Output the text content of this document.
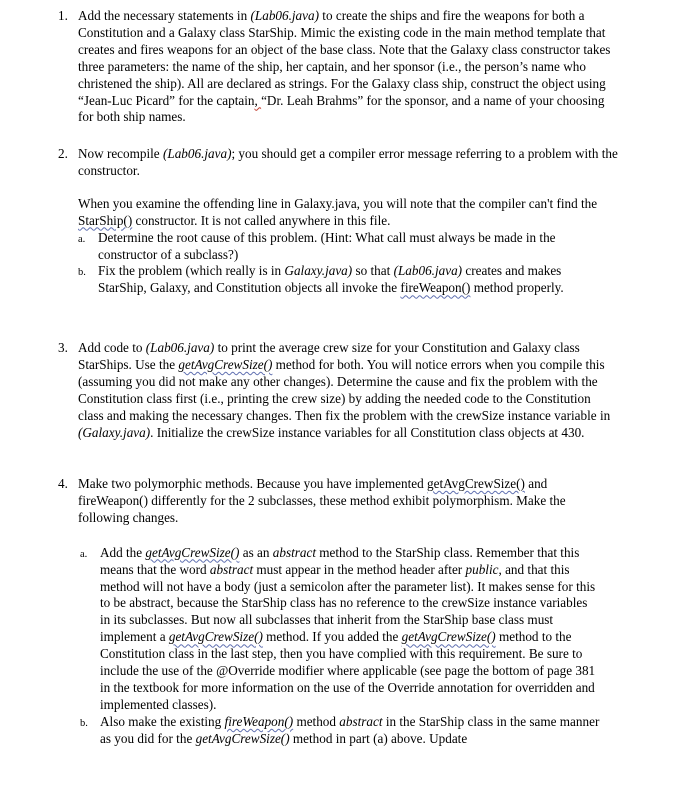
1. Add the necessary statements in (Lab06.java) to create the ships and fire the weapons for both a Constitution and a Galaxy class StarShip. Mimic the existing code in the main method template that creates and fires weapons for an object of the base class. Note that the Galaxy class constructor takes three parameters: the name of the ship, her captain, and her sponsor (i.e., the person’s name who christened the ship). All are declared as strings. For the Galaxy class ship, construct the object using “Jean-Luc Picard” for the captain, “Dr. Leah Brahms” for the sponsor, and a name of your choosing for both ship names.
2. Now recompile (Lab06.java); you should get a compiler error message referring to a problem with the constructor.
When you examine the offending line in Galaxy.java, you will note that the compiler can't find the StarShip() constructor. It is not called anywhere in this file.
a. Determine the root cause of this problem. (Hint: What call must always be made in the constructor of a subclass?)
b. Fix the problem (which really is in Galaxy.java) so that (Lab06.java) creates and makes StarShip, Galaxy, and Constitution objects all invoke the fireWeapon() method properly.
3. Add code to (Lab06.java) to print the average crew size for your Constitution and Galaxy class StarShips. Use the getAvgCrewSize() method for both. You will notice errors when you compile this (assuming you did not make any other changes). Determine the cause and fix the problem with the Constitution class first (i.e., printing the crew size) by adding the needed code to the Constitution class and making the necessary changes. Then fix the problem with the crewSize instance variable in (Galaxy.java). Initialize the crewSize instance variables for all Constitution class objects at 430.
4. Make two polymorphic methods. Because you have implemented getAvgCrewSize() and fireWeapon() differently for the 2 subclasses, these method exhibit polymorphism. Make the following changes.
a. Add the getAvgCrewSize() as an abstract method to the StarShip class. Remember that this means that the word abstract must appear in the method header after public, and that this method will not have a body (just a semicolon after the parameter list). It makes sense for this to be abstract, because the StarShip class has no reference to the crewSize instance variables in its subclasses. But now all subclasses that inherit from the StarShip base class must implement a getAvgCrewSize() method. If you added the getAvgCrewSize() method to the Constitution class in the last step, then you have complied with this requirement. Be sure to include the use of the @Override modifier where applicable (see page the bottom of page 381 in the textbook for more information on the use of the Override annotation for overridden and implemented classes).
b. Also make the existing fireWeapon() method abstract in the StarShip class in the same manner as you did for the getAvgCrewSize() method in part (a) above. Update
